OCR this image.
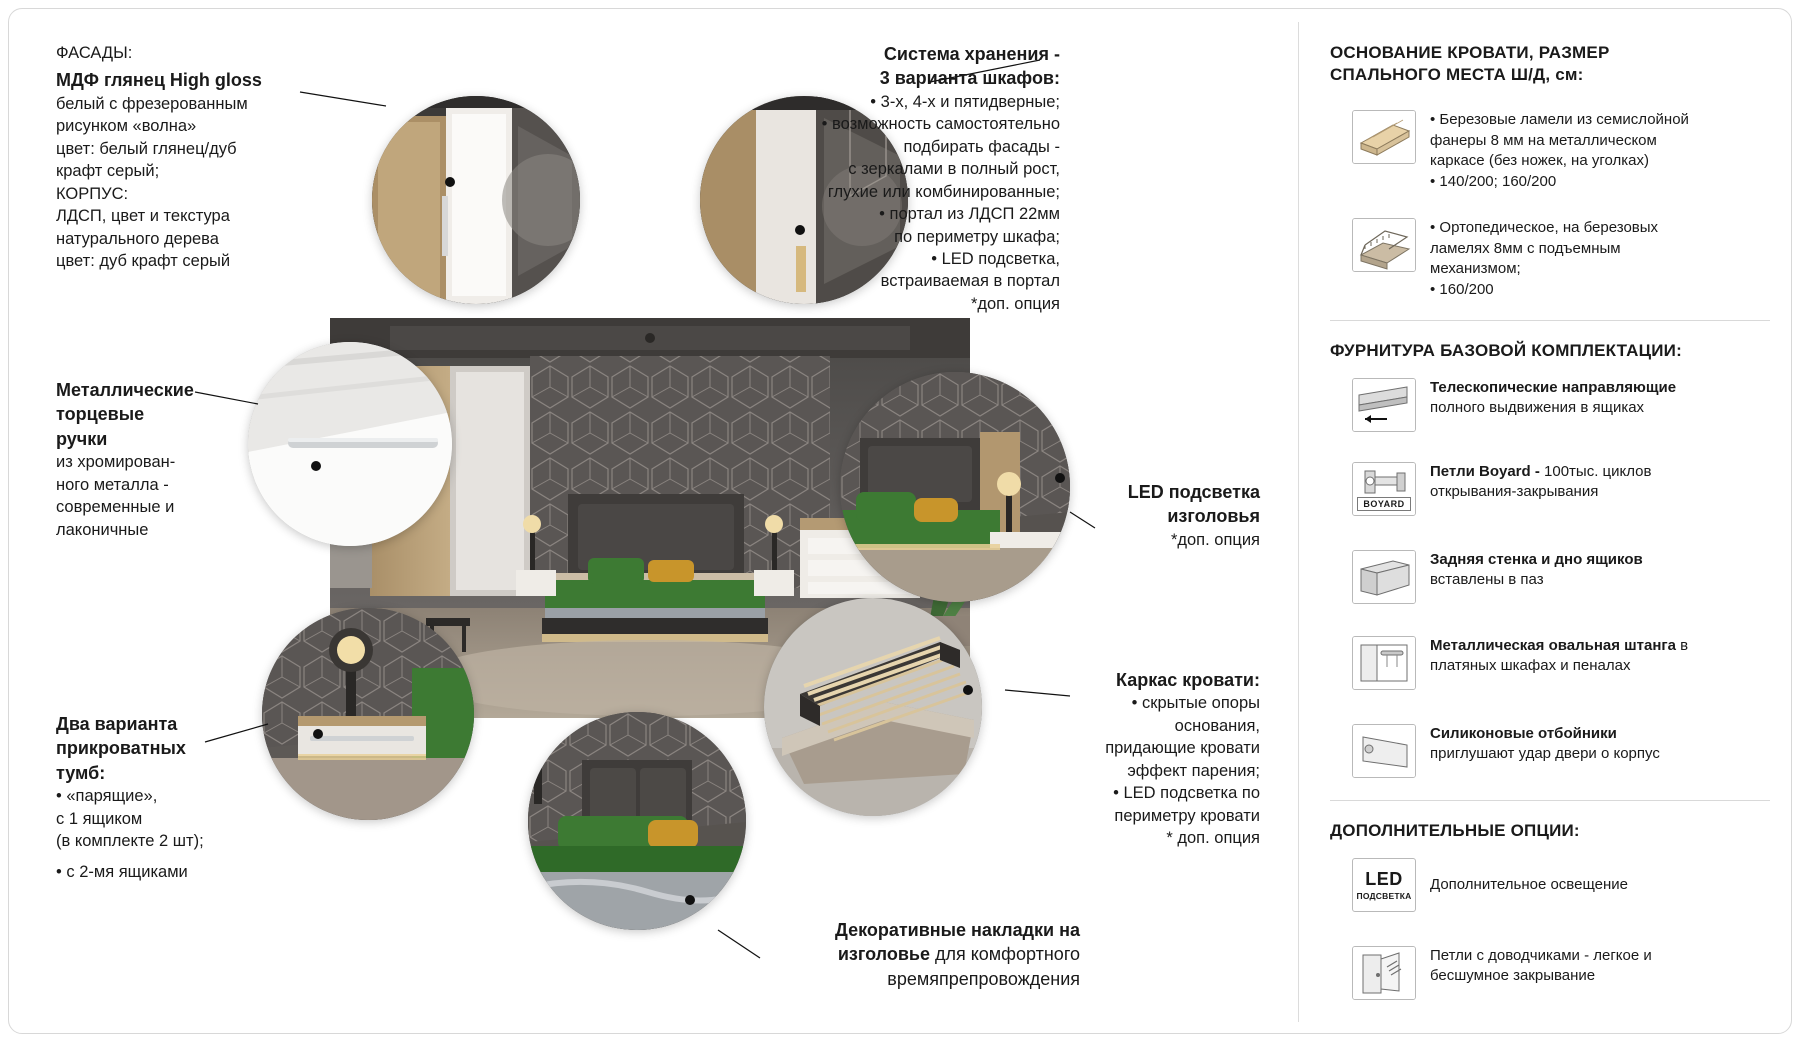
ФАСАДЫ:
МДФ глянец High gloss
белый с фрезерованным
рисунком «волна»
цвет: белый глянец/дуб
крафт серый;
КОРПУС:
ЛДСП, цвет и текстура
натурального дерева
цвет: дуб крафт серый
Металлические
торцевые
ручки
из хромирован-
ного металла -
современные и
лаконичные
Два варианта
прикроватных
тумб:
• «парящие»,
с 1 ящиком
(в комплекте 2 шт);
• с 2-мя ящиками
Система хранения -
3 варианта шкафов:
• 3-х, 4-х и пятидверные;
• возможность самостоятельно
подбирать фасады -
с зеркалами в полный рост,
глухие или комбинированные;
• портал из ЛДСП 22мм
по периметру шкафа;
• LED подсветка,
встраиваемая в портал
*доп. опция
LED подсветка
изголовья
*доп. опция
Каркас кровати:
• скрытые опоры
основания,
придающие кровати
эффект парения;
• LED подсветка по
периметру кровати
* доп. опция
Декоративные накладки на
изголовье для комфортного
времяпрепровождения
ОСНОВАНИЕ КРОВАТИ, РАЗМЕР
СПАЛЬНОГО МЕСТА Ш/Д, см:
• Березовые ламели из семислойной
фанеры 8 мм на металлическом
каркасе (без ножек, на уголках)
• 140/200; 160/200
• Ортопедическое, на березовых
ламелях 8мм с подъемным
механизмом;
• 160/200
ФУРНИТУРА БАЗОВОЙ КОМПЛЕКТАЦИИ:
Телескопические направляющие
полного выдвижения в ящиках
BOYARD
Петли Boyard - 100тыс. циклов
открывания-закрывания
Задняя стенка и дно ящиков
вставлены в паз
Металлическая овальная штанга в
платяных шкафах и пеналах
Силиконовые отбойники
приглушают удар двери о корпус
ДОПОЛНИТЕЛЬНЫЕ ОПЦИИ:
LED
ПОДСВЕТКА
Дополнительное освещение
Петли с доводчиками - легкое и
бесшумное закрывание
